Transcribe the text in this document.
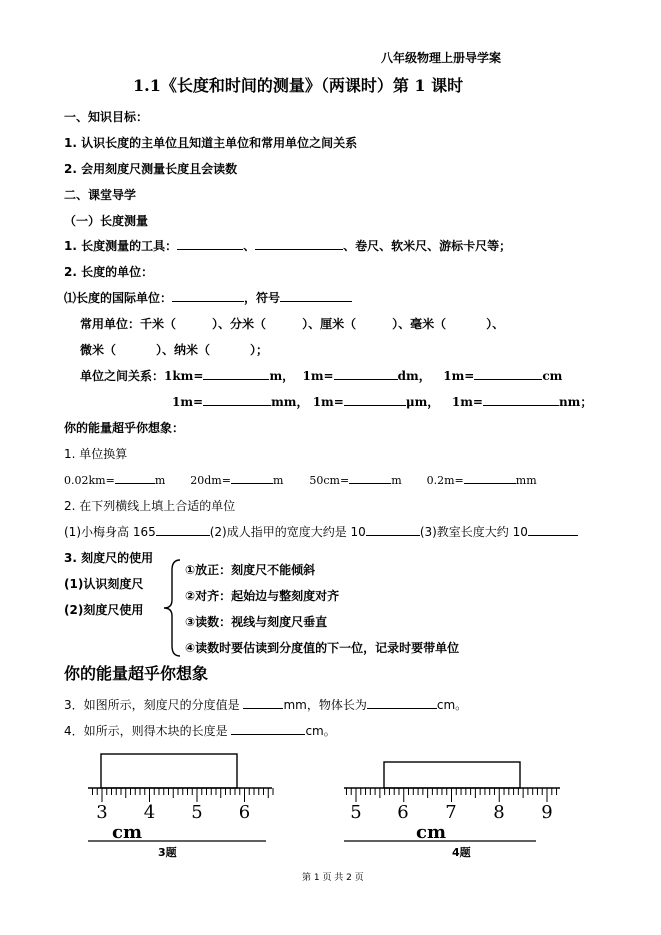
八年级物理上册导学案
1.1《长度和时间的测量》（两课时）第 1 课时
一、知识目标：
1. 认识长度的主单位且知道主单位和常用单位之间关系
2. 会用刻度尺测量长度且会读数
二、课堂导学
（一）长度测量
1. 长度测量的工具：	、	、卷尺、软米尺、游标卡尺等；
2. 长度的单位：
⑴长度的国际单位：	，符号
常用单位：千米（	）、分米（	）、厘米（	）、毫米（	）、
微米（	）、纳米（	）；
单位之间关系：1km=	m， 1m=	dm， 1m=	cm
1m=	mm， 1m=	μm， 1m=	nm；
你的能量超乎你想象：
1. 单位换算
0.02km=	m 20dm=	m 50cm=	m 0.2m=	mm
2. 在下列横线上填上合适的单位
(1)小梅身高 165	(2)成人指甲的宽度大约是 10	(3)教室长度大约 10
3. 刻度尺的使用
(1)认识刻度尺
(2)刻度尺使用
①放正：刻度尺不能倾斜
②对齐：起始边与整刻度对齐
③读数：视线与刻度尺垂直
④读数时要估读到分度值的下一位，记录时要带单位
你的能量超乎你想象
3．如图所示，刻度尺的分度值是	mm，物体长为	cm。
4．如所示，则得木块的长度是	cm。
3 4 5 6
cm
3题
5 6 7 8 9
cm
4题
第 1 页 共 2 页
